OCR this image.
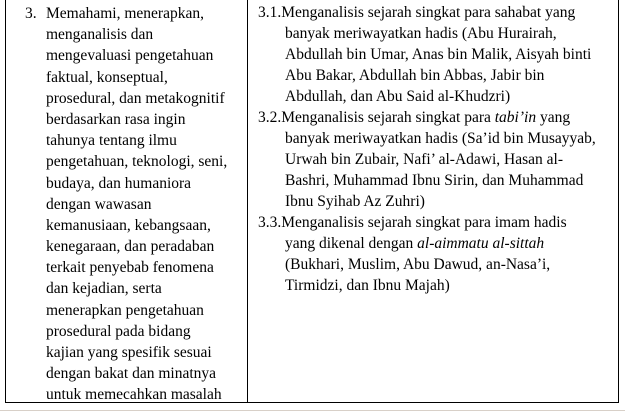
3. Memahami, menerapkan,
menganalisis dan
mengevaluasi pengetahuan
faktual, konseptual,
prosedural, dan metakognitif
berdasarkan rasa ingin
tahunya tentang ilmu
pengetahuan, teknologi, seni,
budaya, dan humaniora
dengan wawasan
kemanusiaan, kebangsaan,
kenegaraan, dan peradaban
terkait penyebab fenomena
dan kejadian, serta
menerapkan pengetahuan
prosedural pada bidang
kajian yang spesifik sesuai
dengan bakat dan minatnya
untuk memecahkan masalah
3.1.Menganalisis sejarah singkat para sahabat yang
banyak meriwayatkan hadis (Abu Hurairah,
Abdullah bin Umar, Anas bin Malik, Aisyah binti
Abu Bakar, Abdullah bin Abbas, Jabir bin
Abdullah, dan Abu Said al-Khudzri)
3.2.Menganalisis sejarah singkat para tabi’in yang
banyak meriwayatkan hadis (Sa’id bin Musayyab,
Urwah bin Zubair, Nafi’ al-Adawi, Hasan al-
Bashri, Muhammad Ibnu Sirin, dan Muhammad
Ibnu Syihab Az Zuhri)
3.3.Menganalisis sejarah singkat para imam hadis
yang dikenal dengan al-aimmatu al-sittah
(Bukhari, Muslim, Abu Dawud, an-Nasa’i,
Tirmidzi, dan Ibnu Majah)
